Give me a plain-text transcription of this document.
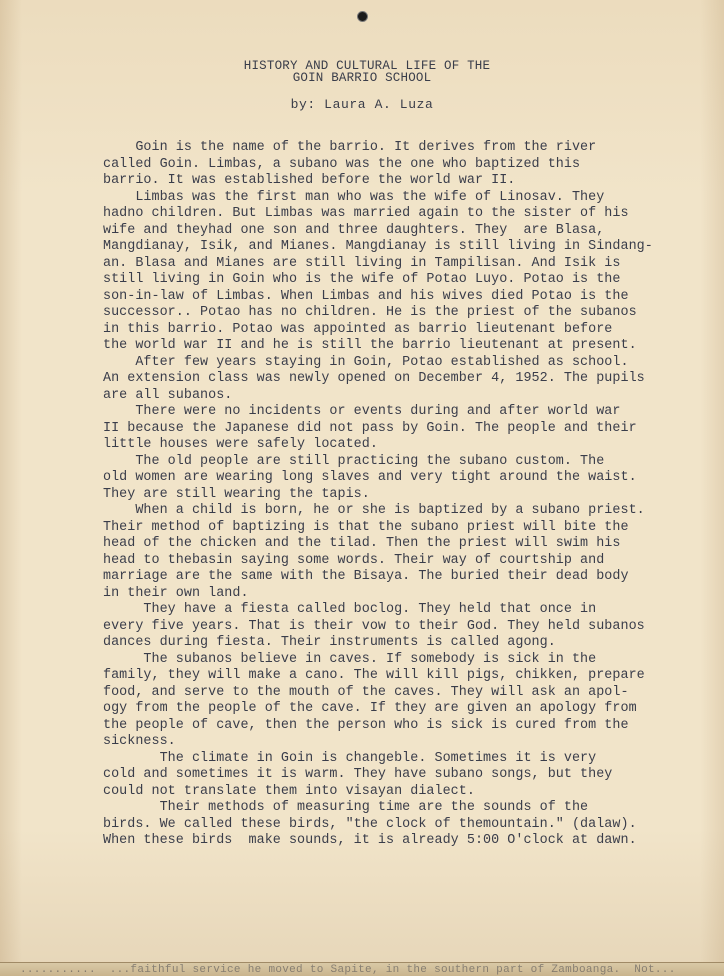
HISTORY AND CULTURAL LIFE OF THE
GOIN BARRIO SCHOOL
by: Laura A. Luza
Goin is the name of the barrio. It derives from the river
called Goin. Limbas, a subano was the one who baptized this
barrio. It was established before the world war II.
Limbas was the first man who was the wife of Linosav. They
hadno children. But Limbas was married again to the sister of his
wife and theyhad one son and three daughters. They  are Blasa,
Mangdianay, Isik, and Mianes. Mangdianay is still living in Sindang-
an. Blasa and Mianes are still living in Tampilisan. And Isik is
still living in Goin who is the wife of Potao Luyo. Potao is the
son-in-law of Limbas. When Limbas and his wives died Potao is the
successor.. Potao has no children. He is the priest of the subanos
in this barrio. Potao was appointed as barrio lieutenant before
the world war II and he is still the barrio lieutenant at present.
After few years staying in Goin, Potao established as school.
An extension class was newly opened on December 4, 1952. The pupils
are all subanos.
There were no incidents or events during and after world war
II because the Japanese did not pass by Goin. The people and their
little houses were safely located.
The old people are still practicing the subano custom. The
old women are wearing long slaves and very tight around the waist.
They are still wearing the tapis.
When a child is born, he or she is baptized by a subano priest.
Their method of baptizing is that the subano priest will bite the
head of the chicken and the tilad. Then the priest will swim his
head to thebasin saying some words. Their way of courtship and
marriage are the same with the Bisaya. The buried their dead body
in their own land.
They have a fiesta called boclog. They held that once in
every five years. That is their vow to their God. They held subanos
dances during fiesta. Their instruments is called agong.
The subanos believe in caves. If somebody is sick in the
family, they will make a cano. The will kill pigs, chikken, prepare
food, and serve to the mouth of the caves. They will ask an apol-
ogy from the people of the cave. If they are given an apology from
the people of cave, then the person who is sick is cured from the
sickness.
The climate in Goin is changeble. Sometimes it is very
cold and sometimes it is warm. They have subano songs, but they
could not translate them into visayan dialect.
Their methods of measuring time are the sounds of the
birds. We called these birds, "the clock of themountain." (dalaw).
When these birds  make sounds, it is already 5:00 O'clock at dawn.
...........  ...faithful service he moved to Sapite, in the southern part of Zamboanga.  Not...
